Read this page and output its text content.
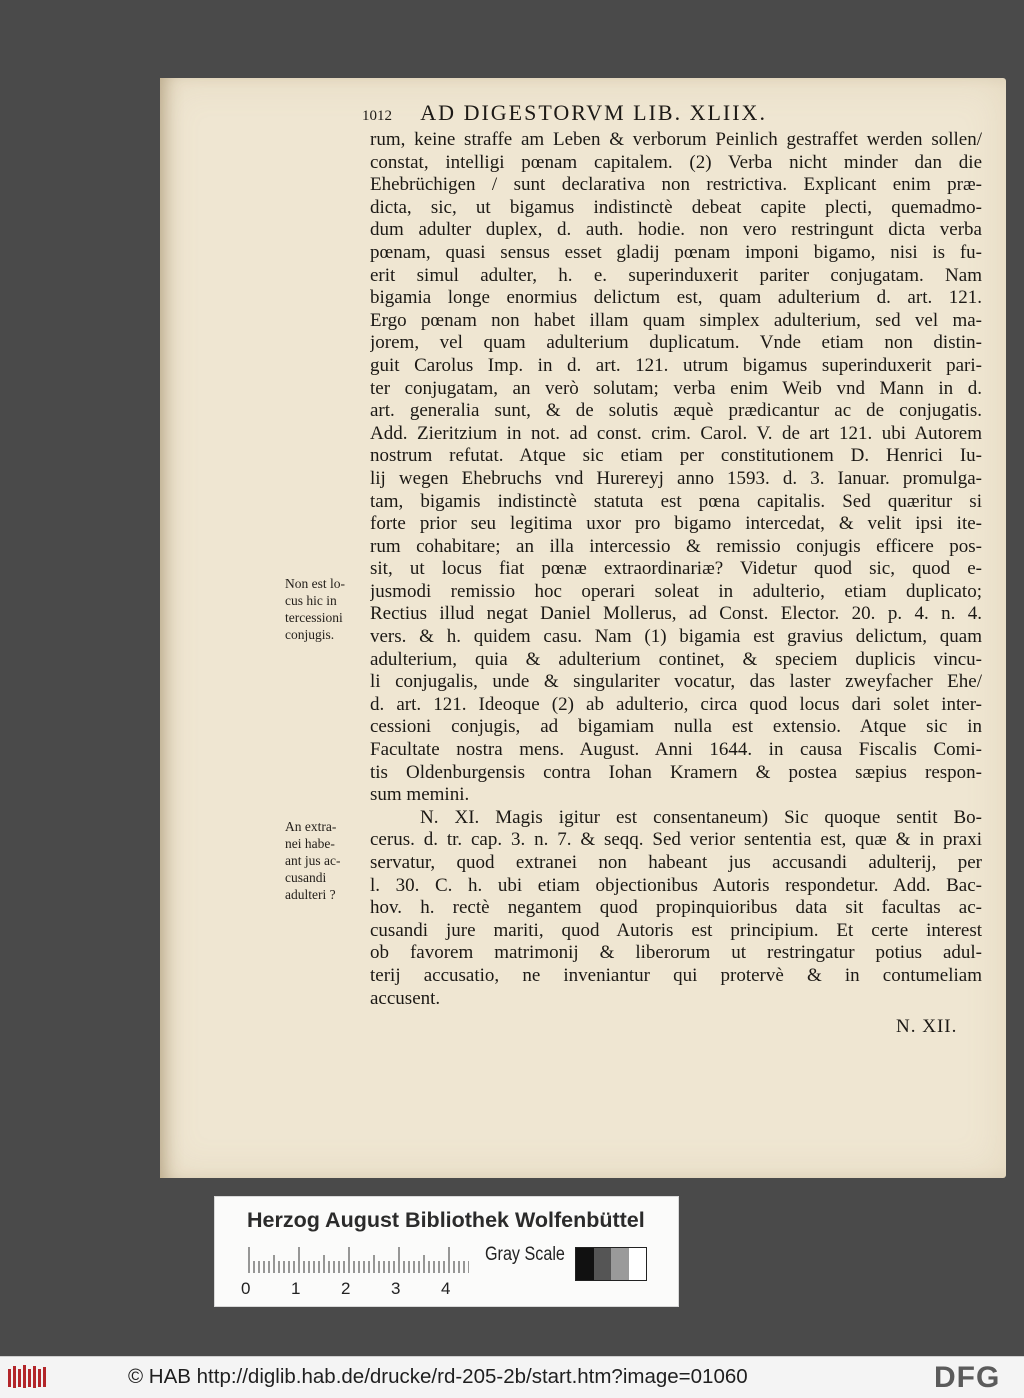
1012 AD DIGESTORVM LIB. XLIIX.
rum, keine straffe am Leben & verborum Peinlich gestraffet werden sollen/
constat, intelligi pœnam capitalem. (2) Verba nicht minder dan die
Ehebrüchigen / sunt declarativa non restrictiva. Explicant enim præ-
dicta, sic, ut bigamus indistinctè debeat capite plecti, quemadmo-
dum adulter duplex, d. auth. hodie. non vero restringunt dicta verba
pœnam, quasi sensus esset gladij pœnam imponi bigamo, nisi is fu-
erit simul adulter, h. e. superinduxerit pariter conjugatam. Nam
bigamia longe enormius delictum est, quam adulterium d. art. 121.
Ergo pœnam non habet illam quam simplex adulterium, sed vel ma-
jorem, vel quam adulterium duplicatum. Vnde etiam non distin-
guit Carolus Imp. in d. art. 121. utrum bigamus superinduxerit pari-
ter conjugatam, an verò solutam; verba enim Weib vnd Mann in d.
art. generalia sunt, & de solutis æquè prædicantur ac de conjugatis.
Add. Zieritzium in not. ad const. crim. Carol. V. de art 121. ubi Autorem
nostrum refutat. Atque sic etiam per constitutionem D. Henrici Iu-
lij wegen Ehebruchs vnd Hurereyj anno 1593. d. 3. Ianuar. promulga-
tam, bigamis indistinctè statuta est pœna capitalis. Sed quæritur si
forte prior seu legitima uxor pro bigamo intercedat, & velit ipsi ite-
rum cohabitare; an illa intercessio & remissio conjugis efficere pos-
sit, ut locus fiat pœnæ extraordinariæ? Videtur quod sic, quod e-
jusmodi remissio hoc operari soleat in adulterio, etiam duplicato;
Rectius illud negat Daniel Mollerus, ad Const. Elector. 20. p. 4. n. 4.
vers. & h. quidem casu. Nam (1) bigamia est gravius delictum, quam
adulterium, quia & adulterium continet, & speciem duplicis vincu-
li conjugalis, unde & singulariter vocatur, das laster zweyfacher Ehe/
d. art. 121. Ideoque (2) ab adulterio, circa quod locus dari solet inter-
cessioni conjugis, ad bigamiam nulla est extensio. Atque sic in
Facultate nostra mens. August. Anni 1644. in causa Fiscalis Comi-
tis Oldenburgensis contra Iohan Kramern & postea sæpius respon-
sum memini.
N. XI. Magis igitur est consentaneum) Sic quoque sentit Bo-
cerus. d. tr. cap. 3. n. 7. & seqq. Sed verior sententia est, quæ & in praxi
servatur, quod extranei non habeant jus accusandi adulterij, per
l. 30. C. h. ubi etiam objectionibus Autoris respondetur. Add. Bac-
hov. h. rectè negantem quod propinquioribus data sit facultas ac-
cusandi jure mariti, quod Autoris est principium. Et certe interest
ob favorem matrimonij & liberorum ut restringatur potius adul-
terij accusatio, ne inveniantur qui protervè & in contumeliam
accusent.
Non est lo-
cus hic in
tercessioni
conjugis.
An extra-
nei habe-
ant jus ac-
cusandi
adulteri ?
N. XII.
Herzog August Bibliothek Wolfenbüttel
0 1 2 3 4
Gray Scale
© HAB http://diglib.hab.de/drucke/rd-205-2b/start.htm?image=01060	DFG
